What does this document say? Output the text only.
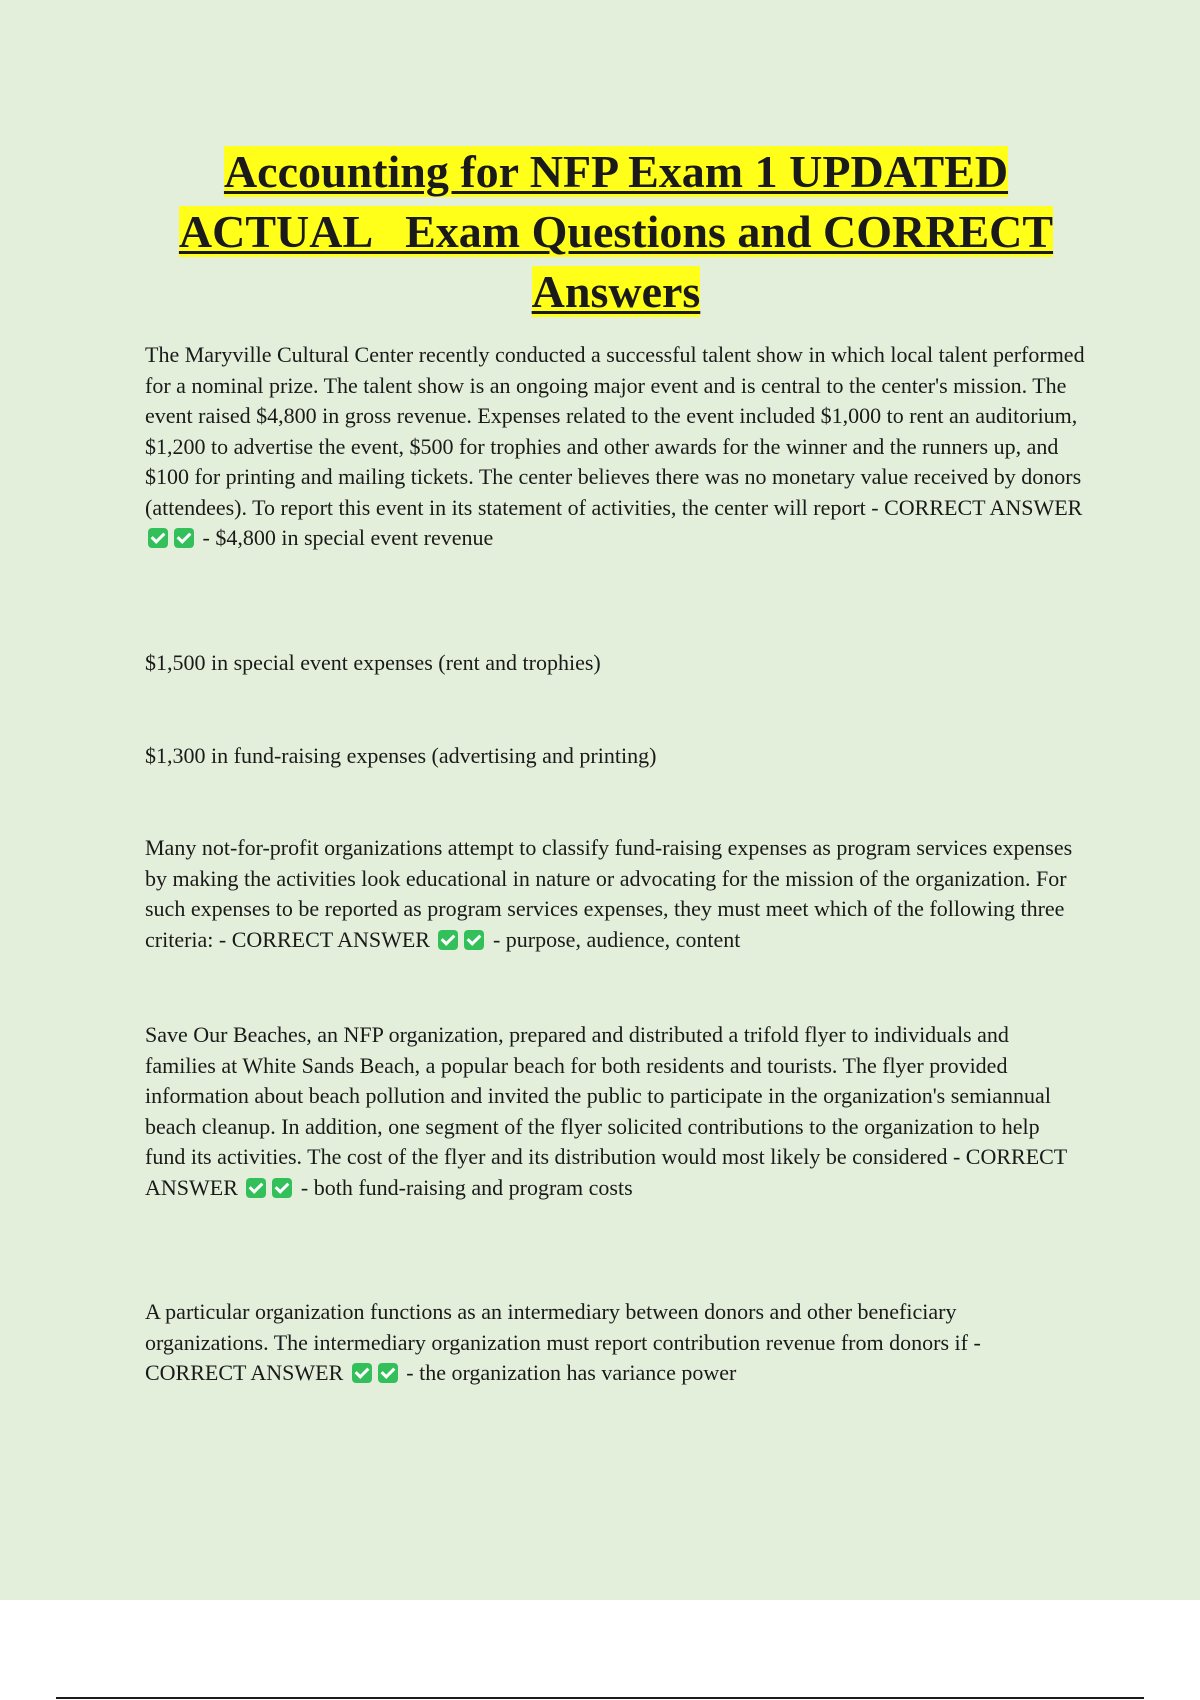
Accounting for NFP Exam 1 UPDATED
ACTUAL   Exam Questions and CORRECT
Answers

The Maryville Cultural Center recently conducted a successful talent show in which local talent performed for a nominal prize. The talent show is an ongoing major event and is central to the center's mission. The event raised $4,800 in gross revenue. Expenses related to the event included $1,000 to rent an auditorium, $1,200 to advertise the event, $500 for trophies and other awards for the winner and the runners up, and $100 for printing and mailing tickets. The center believes there was no monetary value received by donors (attendees). To report this event in its statement of activities, the center will report - CORRECT ANSWER  - $4,800 in special event revenue

$1,500 in special event expenses (rent and trophies)

$1,300 in fund-raising expenses (advertising and printing)

Many not-for-profit organizations attempt to classify fund-raising expenses as program services expenses by making the activities look educational in nature or advocating for the mission of the organization. For such expenses to be reported as program services expenses, they must meet which of the following three criteria: - CORRECT ANSWER	- purpose, audience, content

Save Our Beaches, an NFP organization, prepared and distributed a trifold flyer to individuals and families at White Sands Beach, a popular beach for both residents and tourists. The flyer provided information about beach pollution and invited the public to participate in the organization's semiannual beach cleanup. In addition, one segment of the flyer solicited contributions to the organization to help fund its activities. The cost of the flyer and its distribution would most likely be considered - CORRECT ANSWER	- both fund-raising and program costs

A particular organization functions as an intermediary between donors and other beneficiary organizations. The intermediary organization must report contribution revenue from donors if - CORRECT ANSWER	- the organization has variance power
